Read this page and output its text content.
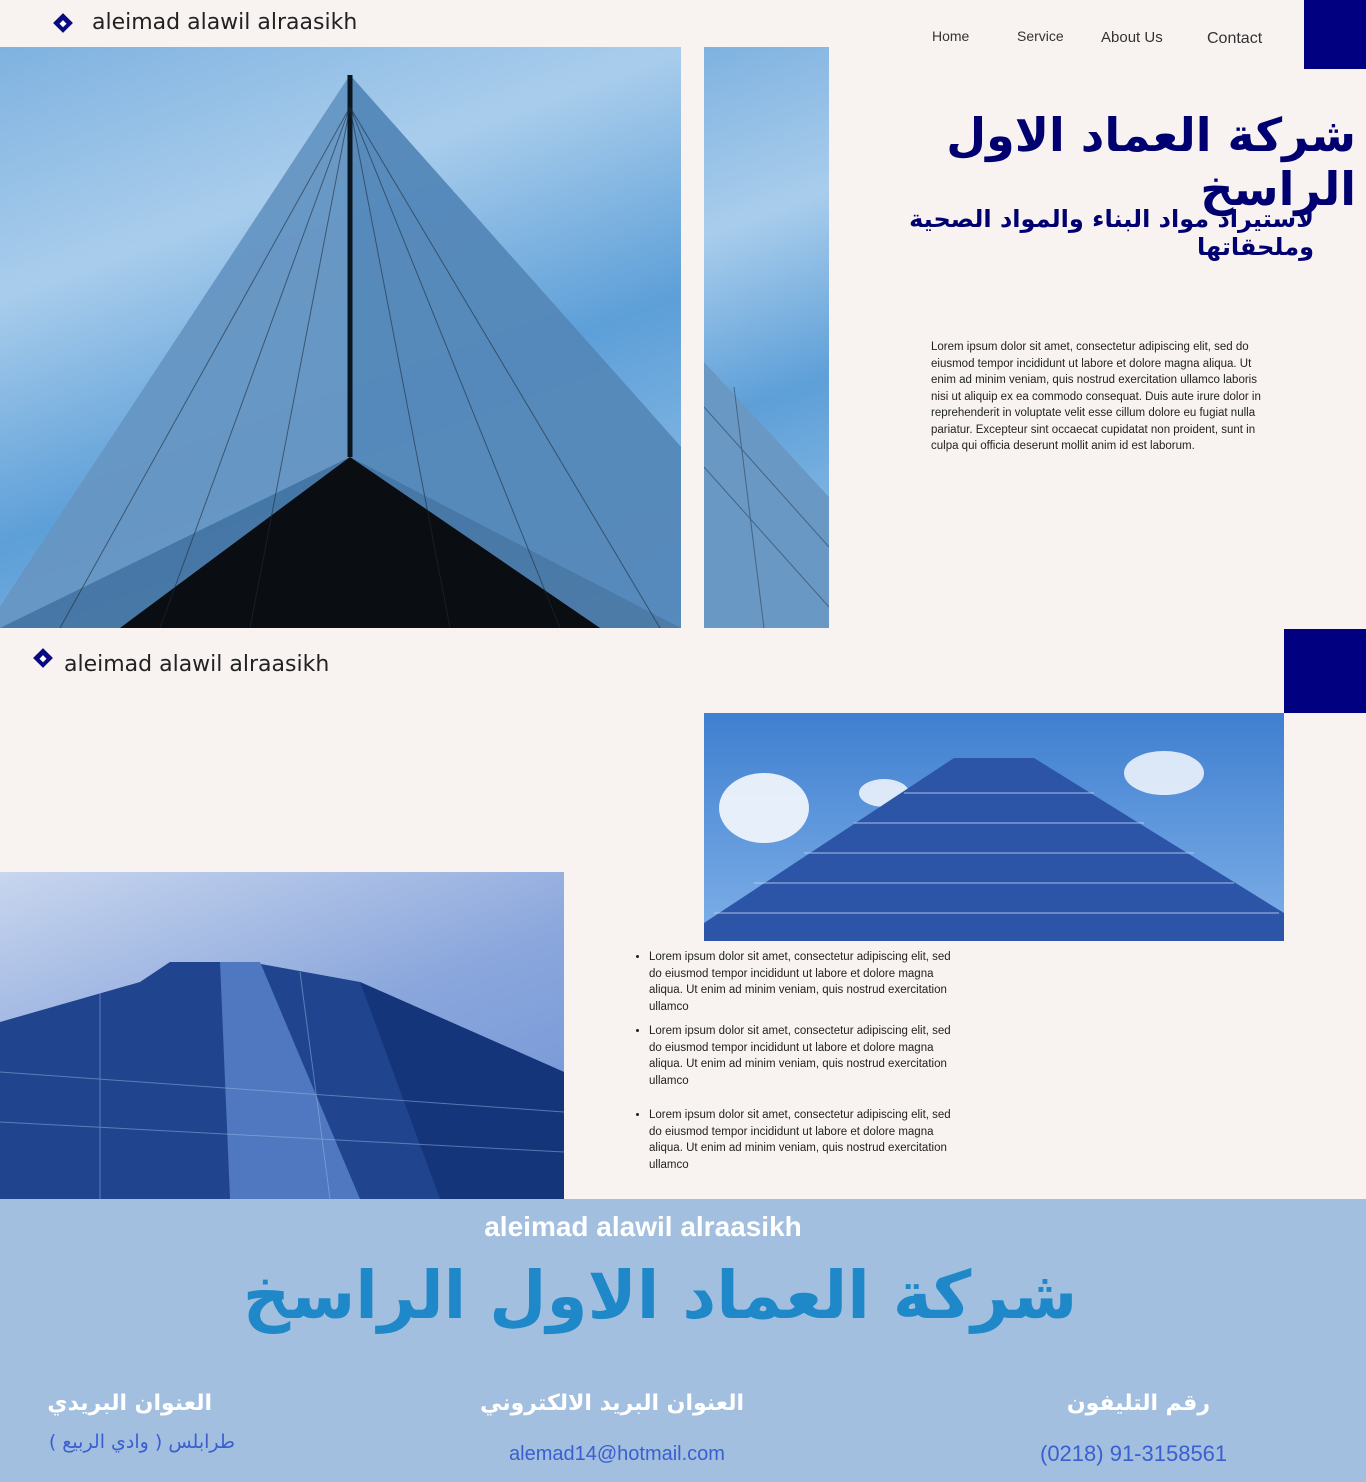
aleimad alawil alraasikh
Home	Service About Us	Contact
شركة العماد الاول الراسخ
لاستيراد مواد البناء والمواد الصحية وملحقاتها

Lorem ipsum dolor sit amet, consectetur adipiscing elit, sed do eiusmod tempor incididunt ut labore et dolore magna aliqua. Ut enim ad minim veniam, quis nostrud exercitation ullamco laboris nisi ut aliquip ex ea commodo consequat. Duis aute irure dolor in reprehenderit in voluptate velit esse cillum dolore eu fugiat nulla pariatur. Excepteur sint occaecat cupidatat non proident, sunt in culpa qui officia deserunt mollit anim id est laborum.

aleimad alawil alraasikh
• Lorem ipsum dolor sit amet, consectetur adipiscing elit, sed do eiusmod tempor incididunt ut labore et dolore magna aliqua. Ut enim ad minim veniam, quis nostrud exercitation ullamco
• Lorem ipsum dolor sit amet, consectetur adipiscing elit, sed do eiusmod tempor incididunt ut labore et dolore magna aliqua. Ut enim ad minim veniam, quis nostrud exercitation ullamco
• Lorem ipsum dolor sit amet, consectetur adipiscing elit, sed do eiusmod tempor incididunt ut labore et dolore magna aliqua. Ut enim ad minim veniam, quis nostrud exercitation ullamco
aleimad alawil alraasikh
شركة العماد الاول الراسخ
العنوان البريدي
طرابلس ( وادي الربيع )
العنوان البريد الالكتروني
alemad14@hotmail.com
رقم التليفون
(0218) 91-3158561
